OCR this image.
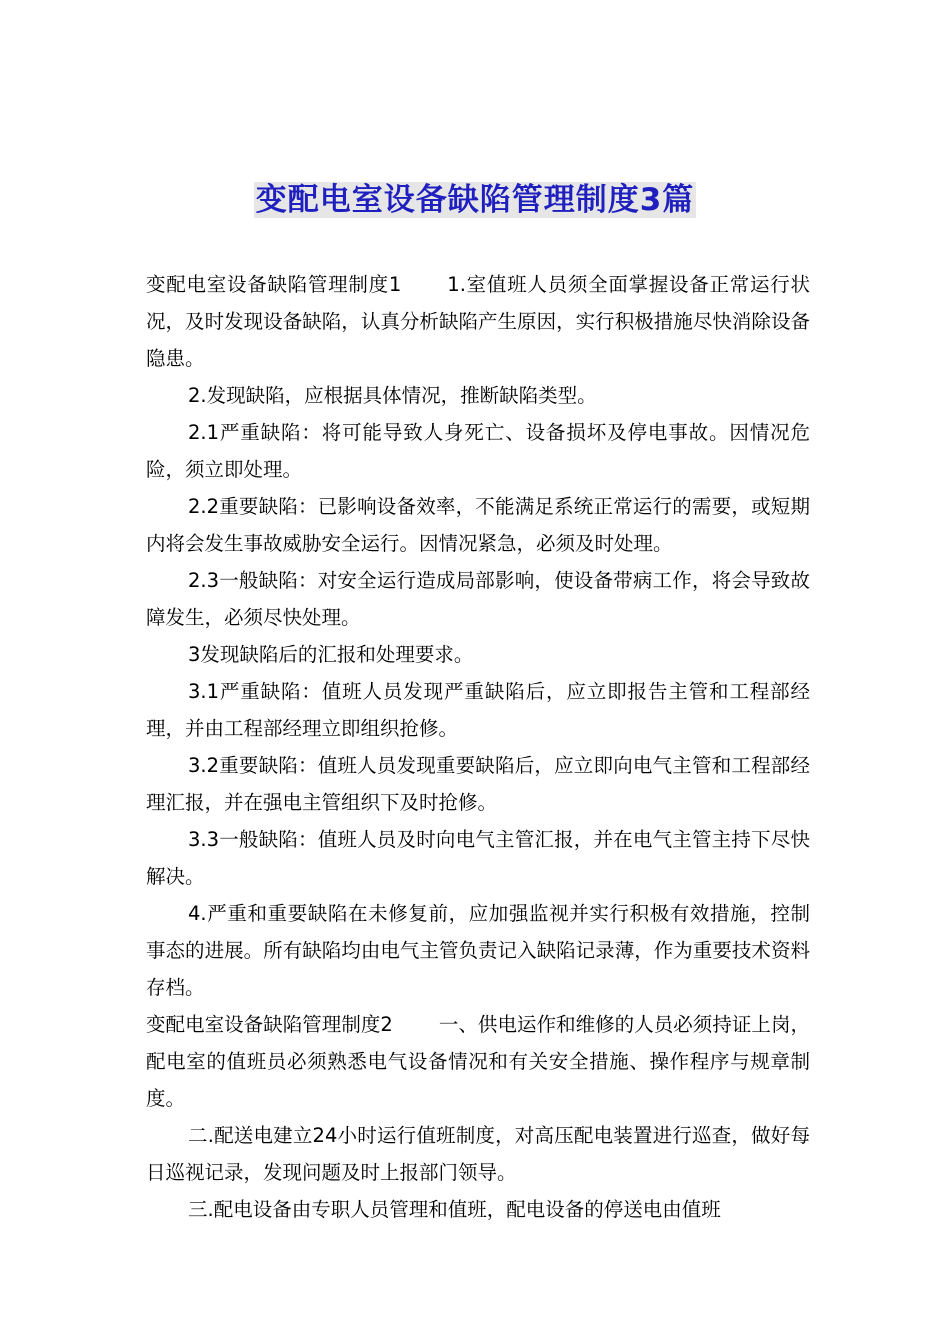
变配电室设备缺陷管理制度3篇

变配电室设备缺陷管理制度1 1.室值班人员须全面掌握设备正常运行状况，及时发现设备缺陷，认真分析缺陷产生原因，实行积极措施尽快消除设备隐患。

2.发现缺陷，应根据具体情况，推断缺陷类型。

2.1严重缺陷：将可能导致人身死亡、设备损坏及停电事故。因情况危险，须立即处理。

2.2重要缺陷：已影响设备效率，不能满足系统正常运行的需要，或短期内将会发生事故威胁安全运行。因情况紧急，必须及时处理。

2.3一般缺陷：对安全运行造成局部影响，使设备带病工作，将会导致故障发生，必须尽快处理。

3发现缺陷后的汇报和处理要求。

3.1严重缺陷：值班人员发现严重缺陷后，应立即报告主管和工程部经理，并由工程部经理立即组织抢修。

3.2重要缺陷：值班人员发现重要缺陷后，应立即向电气主管和工程部经理汇报，并在强电主管组织下及时抢修。

3.3一般缺陷：值班人员及时向电气主管汇报，并在电气主管主持下尽快解决。

4.严重和重要缺陷在未修复前，应加强监视并实行积极有效措施，控制事态的进展。所有缺陷均由电气主管负责记入缺陷记录薄，作为重要技术资料存档。

变配电室设备缺陷管理制度2 一、供电运作和维修的人员必须持证上岗，配电室的值班员必须熟悉电气设备情况和有关安全措施、操作程序与规章制度。

二.配送电建立24小时运行值班制度，对高压配电装置进行巡查，做好每日巡视记录，发现问题及时上报部门领导。

三.配电设备由专职人员管理和值班，配电设备的停送电由值班
